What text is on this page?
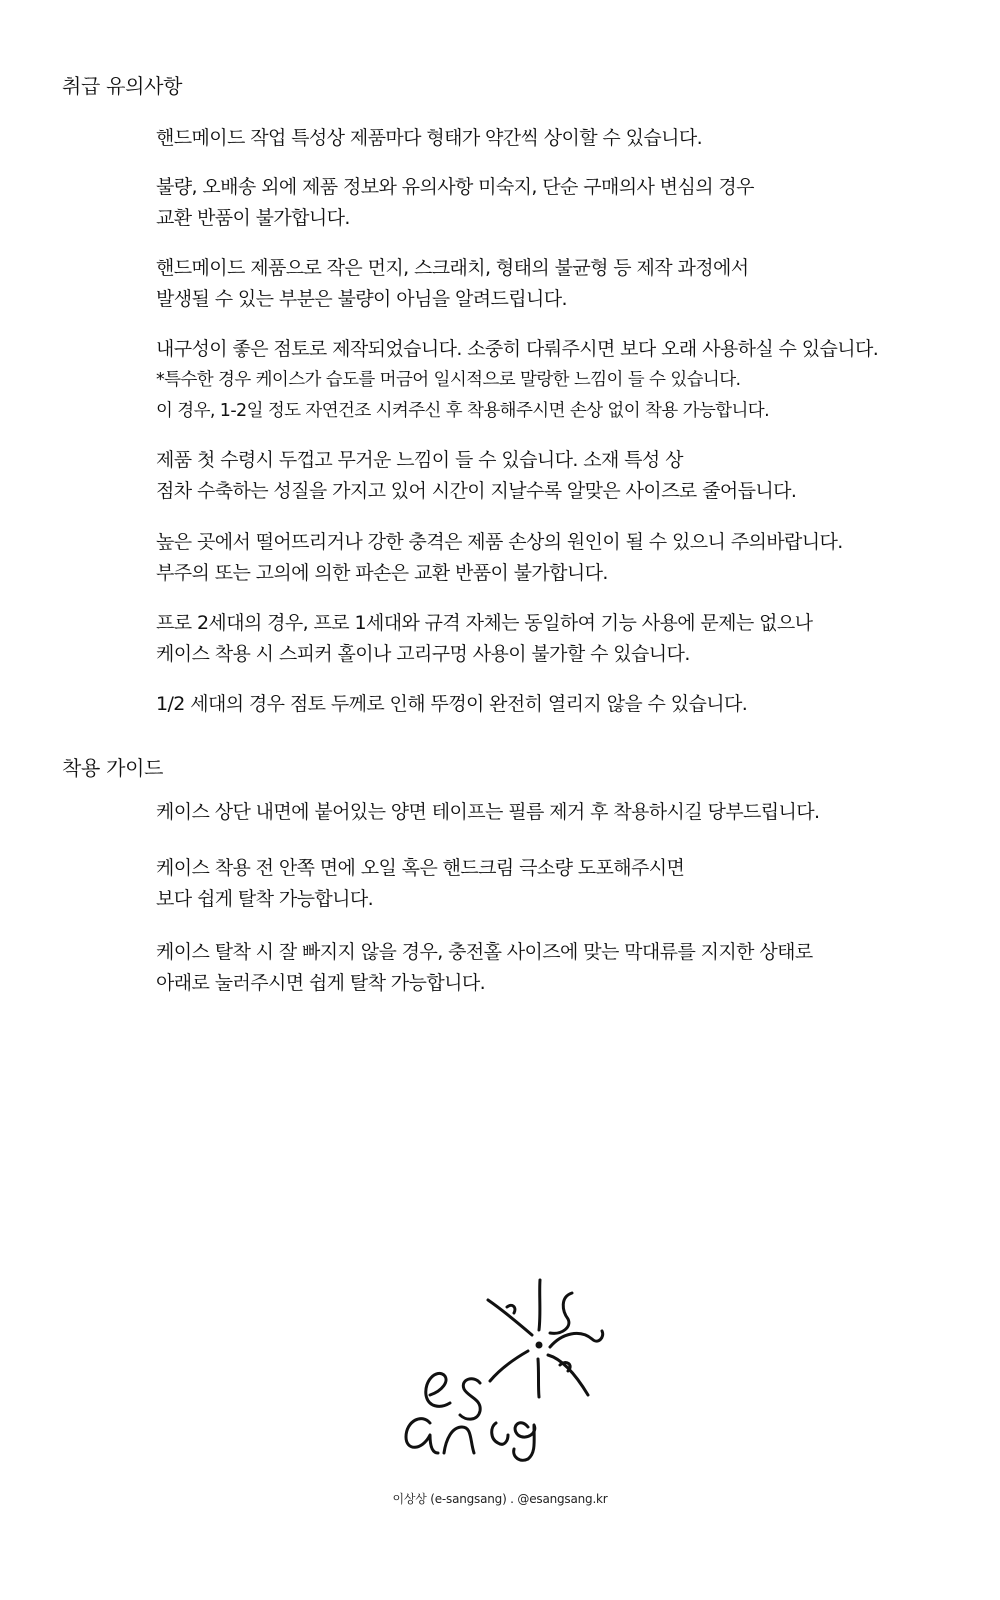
취급 유의사항

핸드메이드 작업 특성상 제품마다 형태가 약간씩 상이할 수 있습니다.

불량, 오배송 외에 제품 정보와 유의사항 미숙지, 단순 구매의사 변심의 경우
교환 반품이 불가합니다.

핸드메이드 제품으로 작은 먼지, 스크래치, 형태의 불균형 등 제작 과정에서
발생될 수 있는 부분은 불량이 아님을 알려드립니다.

내구성이 좋은 점토로 제작되었습니다. 소중히 다뤄주시면 보다 오래 사용하실 수 있습니다.
*특수한 경우 케이스가 습도를 머금어 일시적으로 말랑한 느낌이 들 수 있습니다.
이 경우, 1-2일 정도 자연건조 시켜주신 후 착용해주시면 손상 없이 착용 가능합니다.

제품 첫 수령시 두껍고 무거운 느낌이 들 수 있습니다. 소재 특성 상
점차 수축하는 성질을 가지고 있어 시간이 지날수록 알맞은 사이즈로 줄어듭니다.

높은 곳에서 떨어뜨리거나 강한 충격은 제품 손상의 원인이 될 수 있으니 주의바랍니다.
부주의 또는 고의에 의한 파손은 교환 반품이 불가합니다.

프로 2세대의 경우, 프로 1세대와 규격 자체는 동일하여 기능 사용에 문제는 없으나
케이스 착용 시 스피커 홀이나 고리구멍 사용이 불가할 수 있습니다.

1/2 세대의 경우 점토 두께로 인해 뚜껑이 완전히 열리지 않을 수 있습니다.

착용 가이드

케이스 상단 내면에 붙어있는 양면 테이프는 필름 제거 후 착용하시길 당부드립니다.

케이스 착용 전 안쪽 면에 오일 혹은 핸드크림 극소량 도포해주시면
보다 쉽게 탈착 가능합니다.

케이스 탈착 시 잘 빠지지 않을 경우, 충전홀 사이즈에 맞는 막대류를 지지한 상태로
아래로 눌러주시면 쉽게 탈착 가능합니다.

이상상 (e-sangsang) . @esangsang.kr
